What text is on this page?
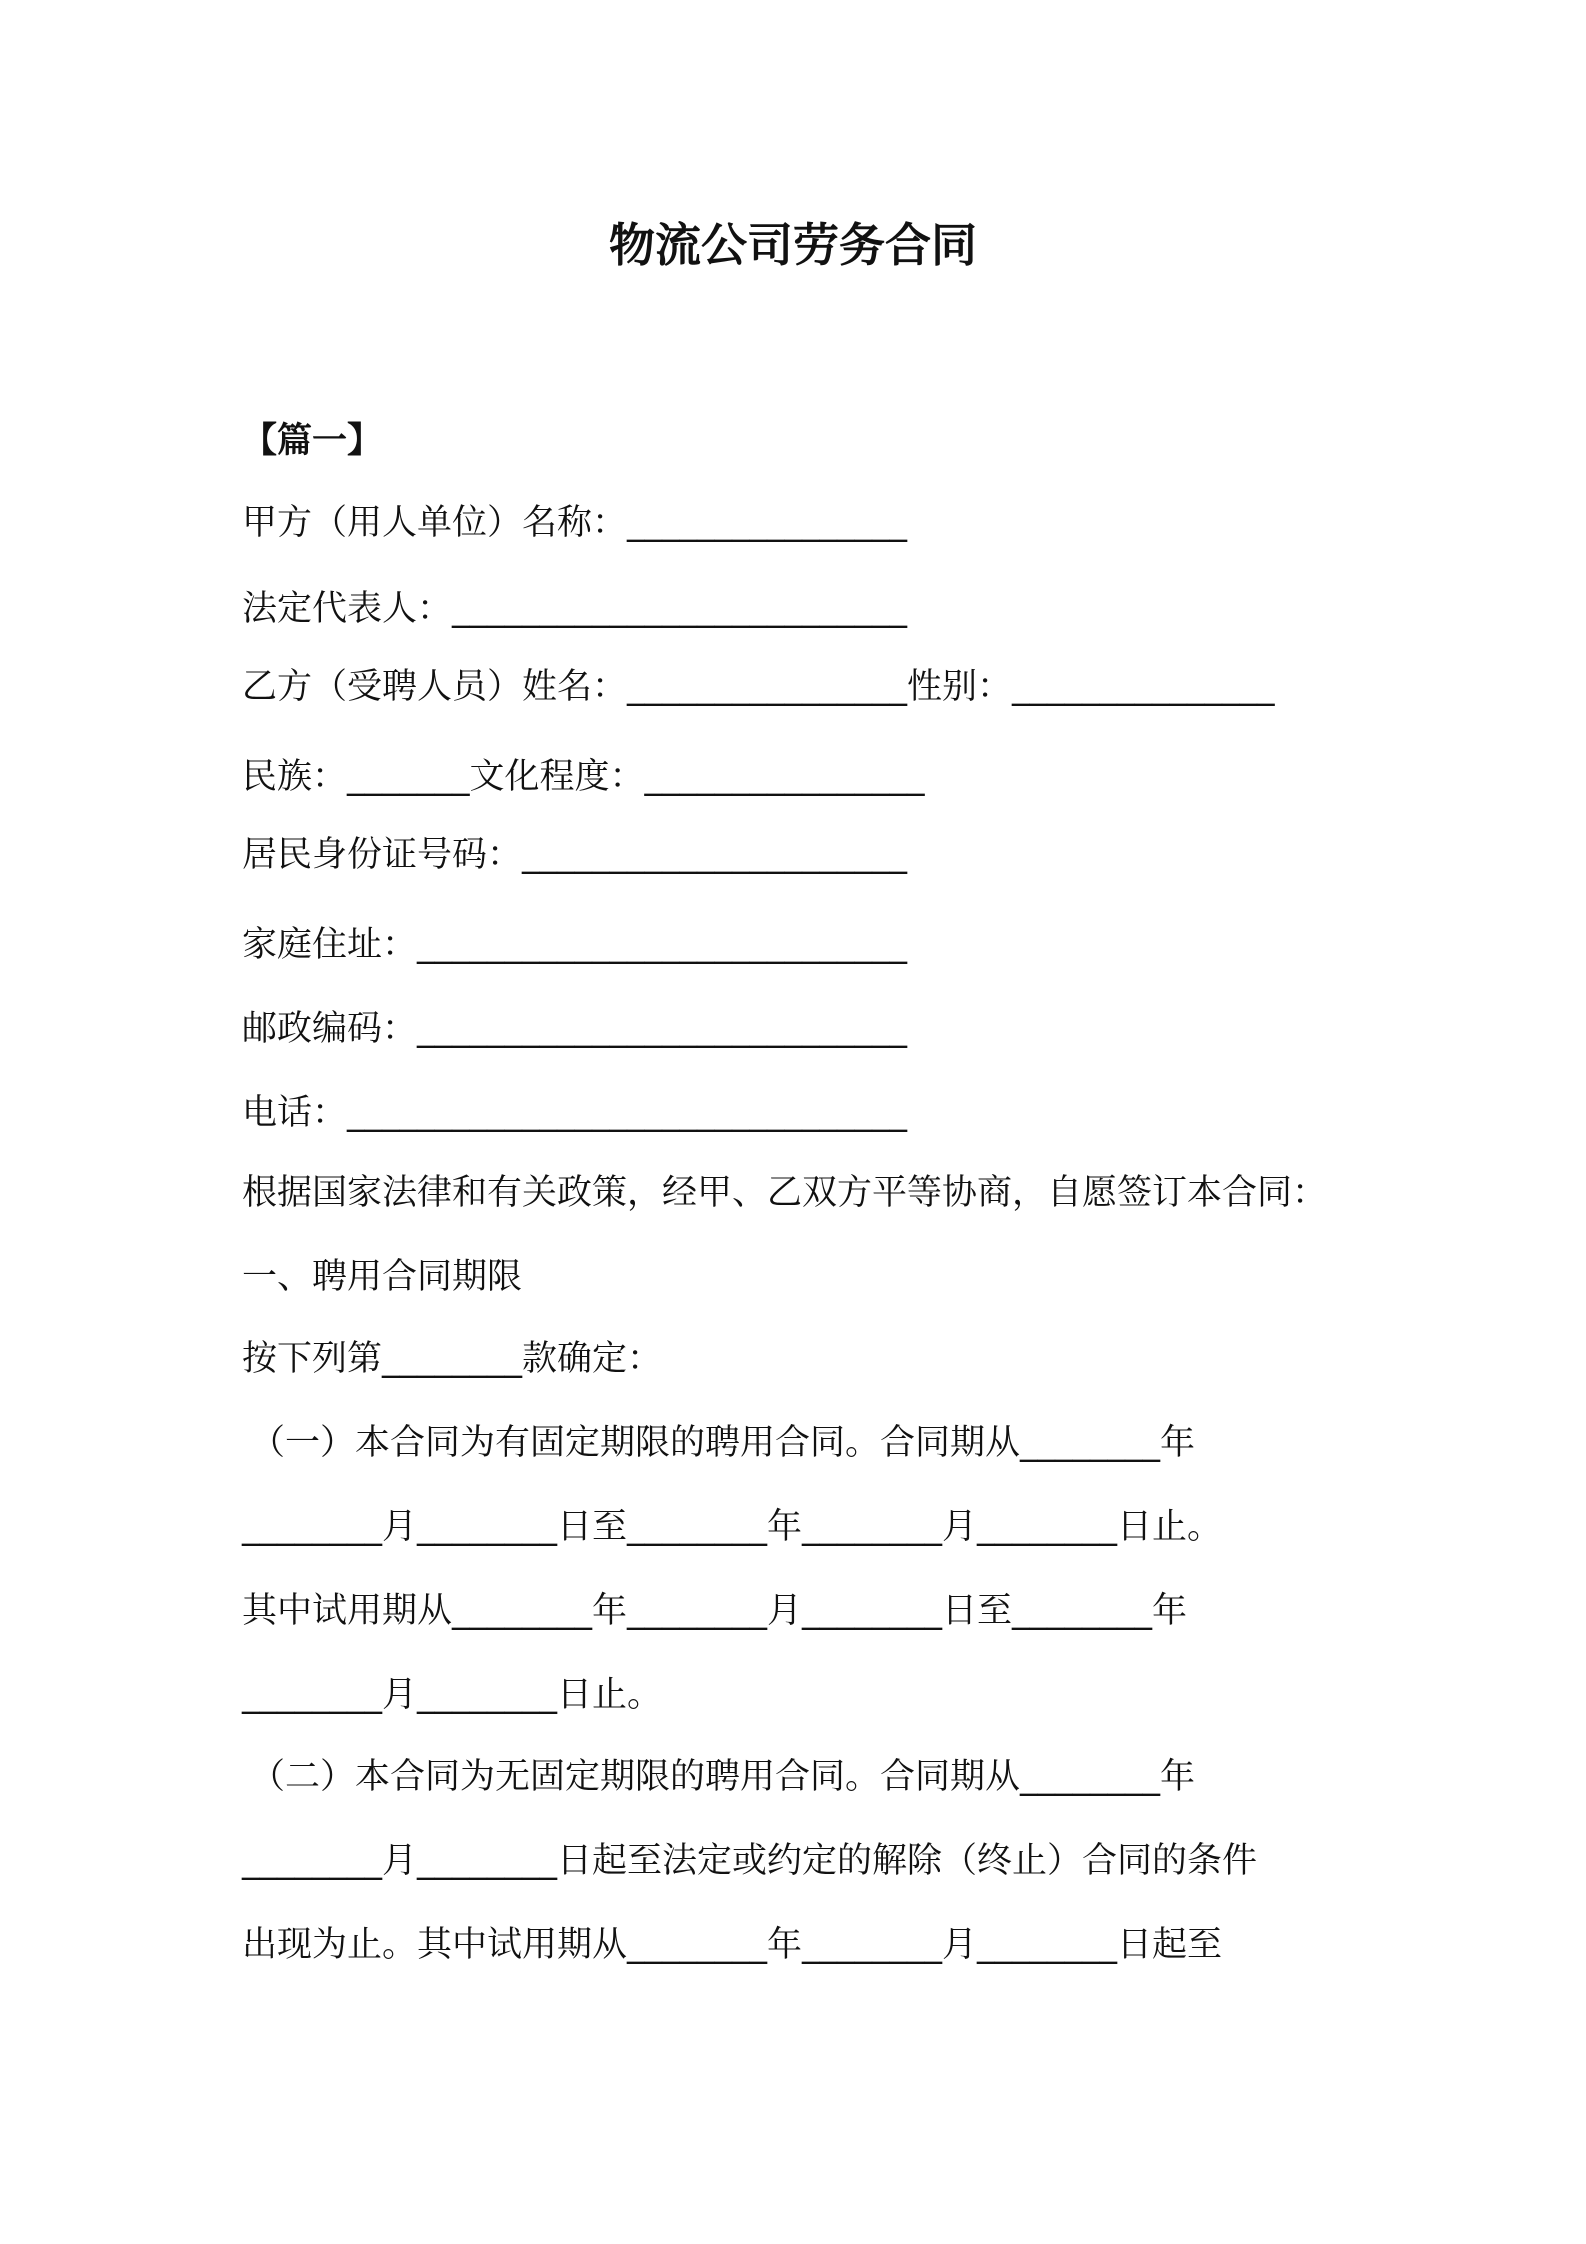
物流公司劳务合同
【篇一】
甲方（用人单位）名称：________________
法定代表人：__________________________
乙方（受聘人员）姓名：________________性别：_______________
民族：_______文化程度：________________
居民身份证号码：______________________
家庭住址：____________________________
邮政编码：____________________________
电话：________________________________
根据国家法律和有关政策，经甲、乙双方平等协商，自愿签订本合同：
一、聘用合同期限
按下列第________款确定：
（一）本合同为有固定期限的聘用合同。合同期从________年
________月________日至________年________月________日止。
其中试用期从________年________月________日至________年
________月________日止。
（二）本合同为无固定期限的聘用合同。合同期从________年
________月________日起至法定或约定的解除（终止）合同的条件
出现为止。其中试用期从________年________月________日起至
